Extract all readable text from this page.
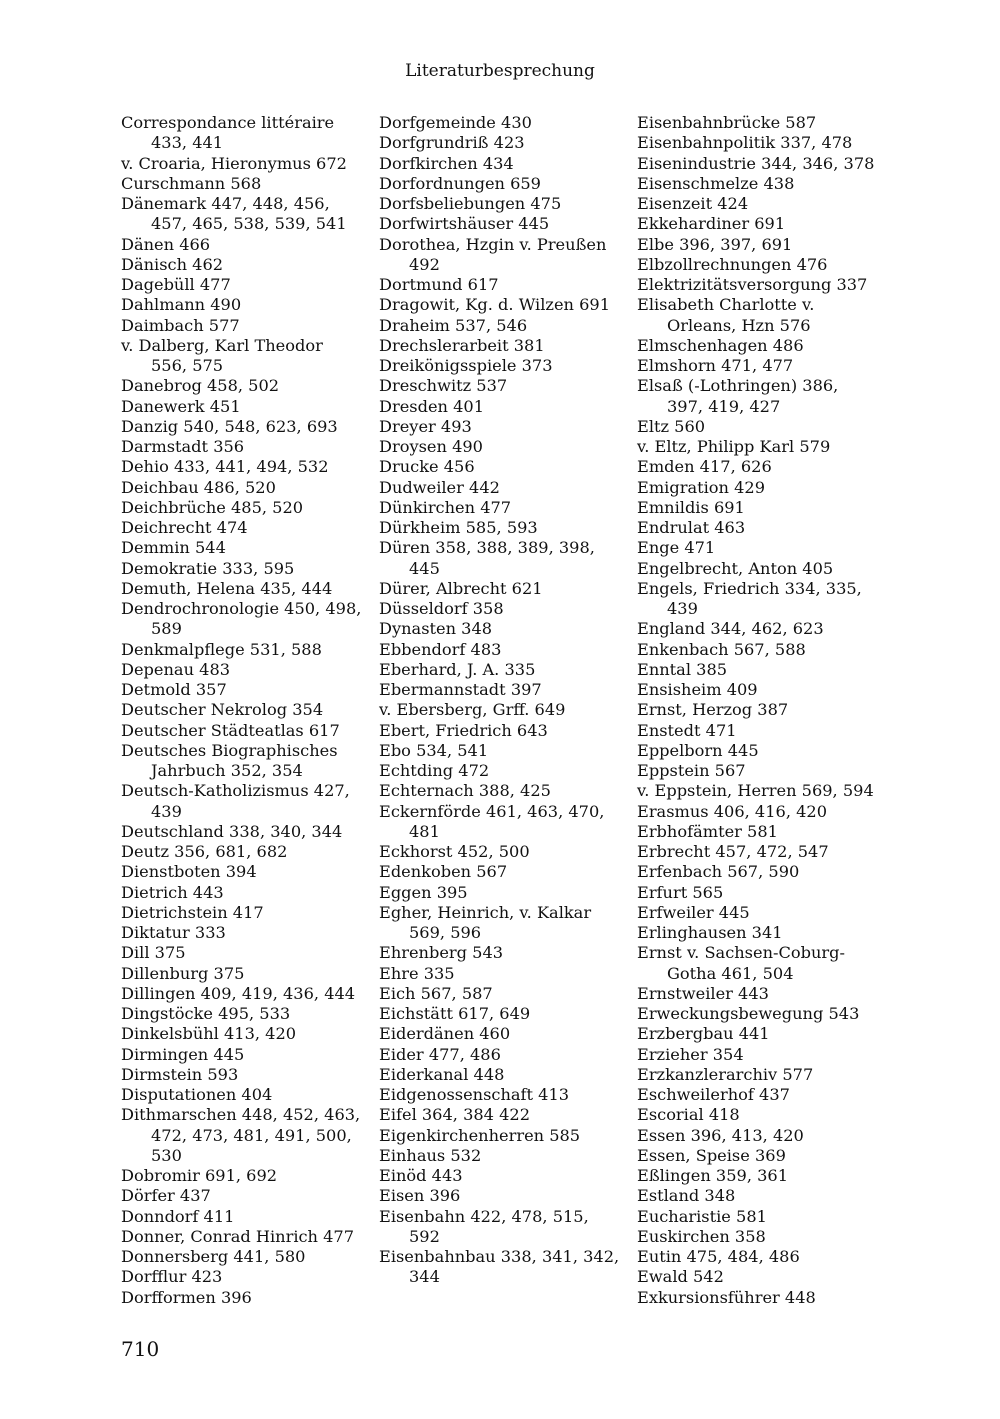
Literaturbesprechung
Correspondance littéraire
433, 441
v. Croaria, Hieronymus 672
Curschmann 568
Dänemark 447, 448, 456,
457, 465, 538, 539, 541
Dänen 466
Dänisch 462
Dagebüll 477
Dahlmann 490
Daimbach 577
v. Dalberg, Karl Theodor
556, 575
Danebrog 458, 502
Danewerk 451
Danzig 540, 548, 623, 693
Darmstadt 356
Dehio 433, 441, 494, 532
Deichbau 486, 520
Deichbrüche 485, 520
Deichrecht 474
Demmin 544
Demokratie 333, 595
Demuth, Helena 435, 444
Dendrochronologie 450, 498,
589
Denkmalpflege 531, 588
Depenau 483
Detmold 357
Deutscher Nekrolog 354
Deutscher Städteatlas 617
Deutsches Biographisches
Jahrbuch 352, 354
Deutsch-Katholizismus 427,
439
Deutschland 338, 340, 344
Deutz 356, 681, 682
Dienstboten 394
Dietrich 443
Dietrichstein 417
Diktatur 333
Dill 375
Dillenburg 375
Dillingen 409, 419, 436, 444
Dingstöcke 495, 533
Dinkelsbühl 413, 420
Dirmingen 445
Dirmstein 593
Disputationen 404
Dithmarschen 448, 452, 463,
472, 473, 481, 491, 500,
530
Dobromir 691, 692
Dörfer 437
Donndorf 411
Donner, Conrad Hinrich 477
Donnersberg 441, 580
Dorfflur 423
Dorfformen 396
Dorfgemeinde 430
Dorfgrundriß 423
Dorfkirchen 434
Dorfordnungen 659
Dorfsbeliebungen 475
Dorfwirtshäuser 445
Dorothea, Hzgin v. Preußen
492
Dortmund 617
Dragowit, Kg. d. Wilzen 691
Draheim 537, 546
Drechslerarbeit 381
Dreikönigsspiele 373
Dreschwitz 537
Dresden 401
Dreyer 493
Droysen 490
Drucke 456
Dudweiler 442
Dünkirchen 477
Dürkheim 585, 593
Düren 358, 388, 389, 398,
445
Dürer, Albrecht 621
Düsseldorf 358
Dynasten 348
Ebbendorf 483
Eberhard, J. A. 335
Ebermannstadt 397
v. Ebersberg, Grff. 649
Ebert, Friedrich 643
Ebo 534, 541
Echtding 472
Echternach 388, 425
Eckernförde 461, 463, 470,
481
Eckhorst 452, 500
Edenkoben 567
Eggen 395
Egher, Heinrich, v. Kalkar
569, 596
Ehrenberg 543
Ehre 335
Eich 567, 587
Eichstätt 617, 649
Eiderdänen 460
Eider 477, 486
Eiderkanal 448
Eidgenossenschaft 413
Eifel 364, 384 422
Eigenkirchenherren 585
Einhaus 532
Einöd 443
Eisen 396
Eisenbahn 422, 478, 515,
592
Eisenbahnbau 338, 341, 342,
344
Eisenbahnbrücke 587
Eisenbahnpolitik 337, 478
Eisenindustrie 344, 346, 378
Eisenschmelze 438
Eisenzeit 424
Ekkehardiner 691
Elbe 396, 397, 691
Elbzollrechnungen 476
Elektrizitätsversorgung 337
Elisabeth Charlotte v.
Orleans, Hzn 576
Elmschenhagen 486
Elmshorn 471, 477
Elsaß (-Lothringen) 386,
397, 419, 427
Eltz 560
v. Eltz, Philipp Karl 579
Emden 417, 626
Emigration 429
Emnildis 691
Endrulat 463
Enge 471
Engelbrecht, Anton 405
Engels, Friedrich 334, 335,
439
England 344, 462, 623
Enkenbach 567, 588
Enntal 385
Ensisheim 409
Ernst, Herzog 387
Enstedt 471
Eppelborn 445
Eppstein 567
v. Eppstein, Herren 569, 594
Erasmus 406, 416, 420
Erbhofämter 581
Erbrecht 457, 472, 547
Erfenbach 567, 590
Erfurt 565
Erfweiler 445
Erlinghausen 341
Ernst v. Sachsen-Coburg-
Gotha 461, 504
Ernstweiler 443
Erweckungsbewegung 543
Erzbergbau 441
Erzieher 354
Erzkanzlerarchiv 577
Eschweilerhof 437
Escorial 418
Essen 396, 413, 420
Essen, Speise 369
Eßlingen 359, 361
Estland 348
Eucharistie 581
Euskirchen 358
Eutin 475, 484, 486
Ewald 542
Exkursionsführer 448
710
